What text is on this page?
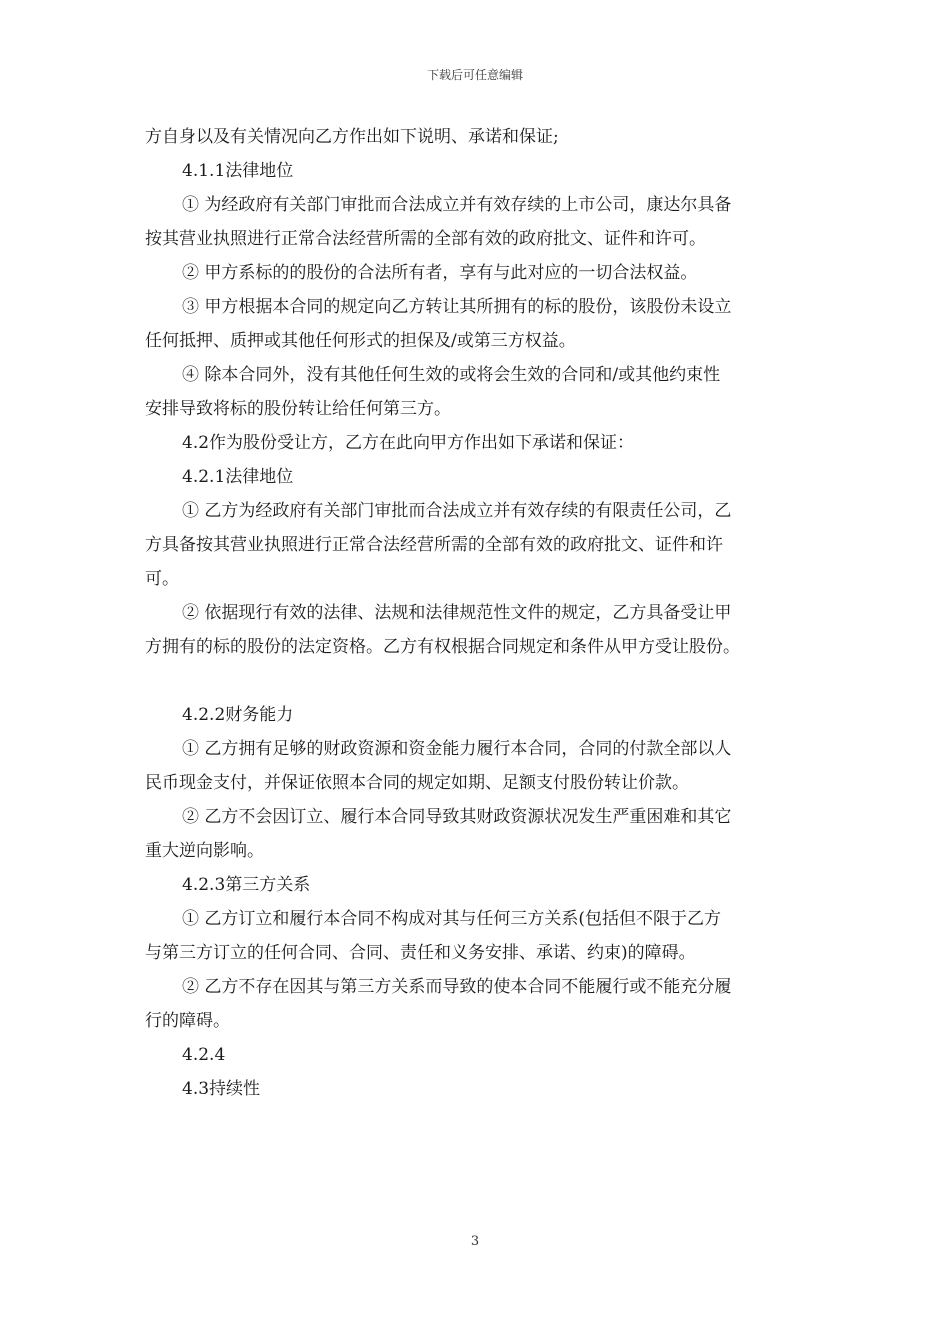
下载后可任意编辑
方自身以及有关情况向乙方作出如下说明、承诺和保证;
4.1.1法律地位
① 为经政府有关部门审批而合法成立并有效存续的上市公司，康达尔具备
按其营业执照进行正常合法经营所需的全部有效的政府批文、证件和许可。
② 甲方系标的的股份的合法所有者，享有与此对应的一切合法权益。
③ 甲方根据本合同的规定向乙方转让其所拥有的标的股份，该股份未设立
任何抵押、质押或其他任何形式的担保及/或第三方权益。
④ 除本合同外，没有其他任何生效的或将会生效的合同和/或其他约束性
安排导致将标的股份转让给任何第三方。
4.2作为股份受让方，乙方在此向甲方作出如下承诺和保证：
4.2.1法律地位
① 乙方为经政府有关部门审批而合法成立并有效存续的有限责任公司，乙
方具备按其营业执照进行正常合法经营所需的全部有效的政府批文、证件和许
可。
② 依据现行有效的法律、法规和法律规范性文件的规定，乙方具备受让甲
方拥有的标的股份的法定资格。乙方有权根据合同规定和条件从甲方受让股份。
4.2.2财务能力
① 乙方拥有足够的财政资源和资金能力履行本合同，合同的付款全部以人
民币现金支付，并保证依照本合同的规定如期、足额支付股份转让价款。
② 乙方不会因订立、履行本合同导致其财政资源状况发生严重困难和其它
重大逆向影响。
4.2.3第三方关系
① 乙方订立和履行本合同不构成对其与任何三方关系(包括但不限于乙方
与第三方订立的任何合同、合同、责任和义务安排、承诺、约束)的障碍。
② 乙方不存在因其与第三方关系而导致的使本合同不能履行或不能充分履
行的障碍。
4.2.4
4.3持续性
3
